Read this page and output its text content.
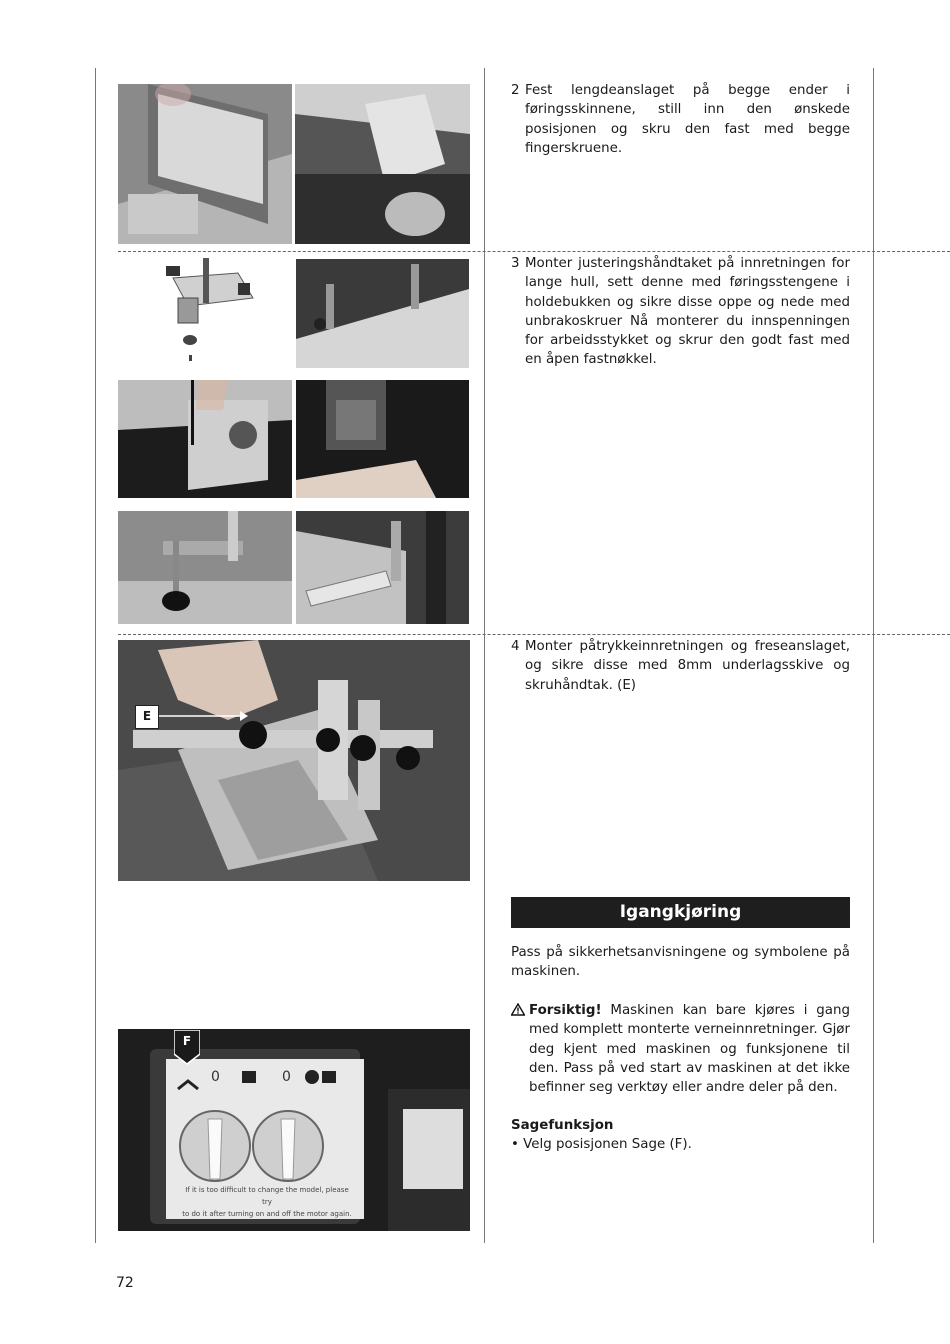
E
0	0
If it is too difficult to change the model, please try
to do it after turning on and off the motor again.
F
2 Fest lengdeanslaget på begge ender i føringsskinnene, still inn den ønskede posisjonen og skru den fast med begge fingerskruene.
3 Monter justeringshåndtaket på innretningen for lange hull, sett denne med føringsstengene i holdebukken og sikre disse oppe og nede med unbrakoskruer Nå monterer du innspenningen for arbeidsstykket og skrur den godt fast med en åpen fastnøkkel.
4 Monter påtrykkeinnretningen og freseanslaget, og sikre disse med 8mm underlagsskive og skruhåndtak. (E)
Igangkjøring
Pass på sikkerhetsanvisningene og symbolene på maskinen.
Forsiktig! Maskinen kan bare kjøres i gang med komplett monterte verneinnretninger. Gjør deg kjent med maskinen og funksjonene til den. Pass på ved start av maskinen at det ikke befinner seg verktøy eller andre deler på den.
Sagefunksjon
• Velg posisjonen Sage (F).
72
